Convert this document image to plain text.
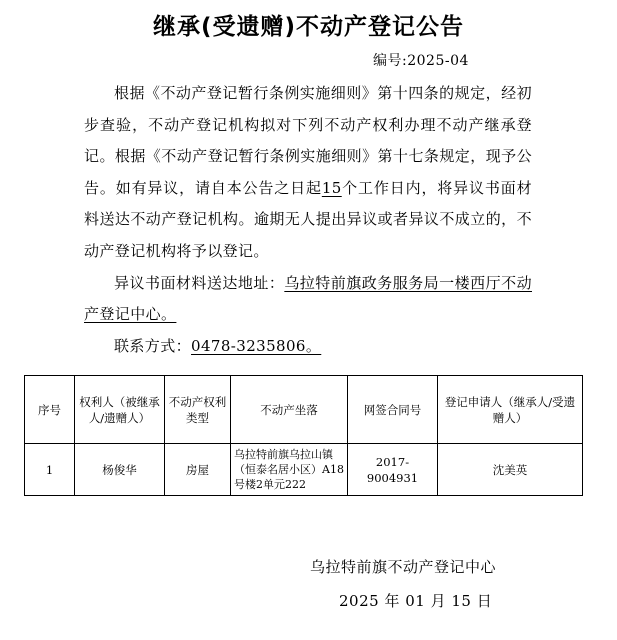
继承(受遗赠)不动产登记公告
编号:2025-04

根据《不动产登记暂行条例实施细则》第十四条的规定，经初步查验，不动产登记机构拟对下列不动产权利办理不动产继承登记。根据《不动产登记暂行条例实施细则》第十七条规定，现予公告。如有异议，请自本公告之日起15个工作日内，将异议书面材料送达不动产登记机构。逾期无人提出异议或者异议不成立的，不动产登记机构将予以登记。

异议书面材料送达地址：乌拉特前旗政务服务局一楼西厅不动产登记中心。

联系方式：0478-3235806。

序号	权利人（被继承人/遗赠人）	不动产权利类型	不动产坐落	网签合同号	登记申请人（继承人/受遗赠人）
1	杨俊华	房屋	乌拉特前旗乌拉山镇（恒泰名居小区）A18号楼2单元222	2017-9004931	沈美英
乌拉特前旗不动产登记中心
2025 年 01 月 15 日
